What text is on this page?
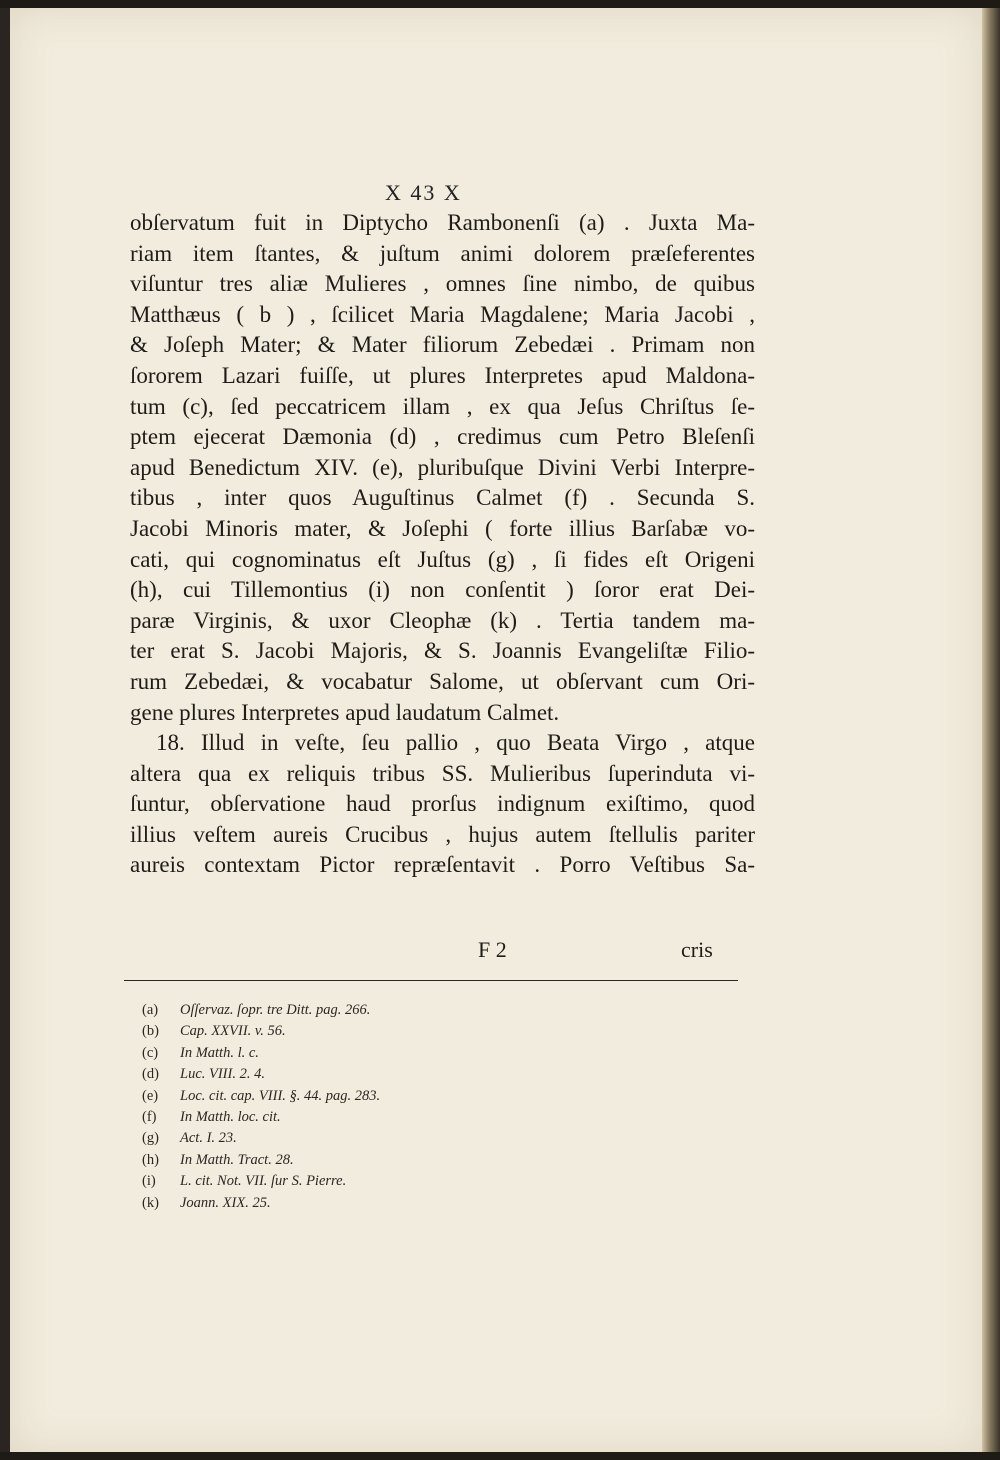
X 43 X
obſervatum fuit in Diptycho Rambonenſi (a) . Juxta Ma-
riam item ſtantes, & juſtum animi dolorem præſeferentes
viſuntur tres aliæ Mulieres , omnes ſine nimbo, de quibus
Matthæus ( b ) , ſcilicet Maria Magdalene; Maria Jacobi ,
& Joſeph Mater; & Mater filiorum Zebedæi . Primam non
ſororem Lazari fuiſſe, ut plures Interpretes apud Maldona-
tum (c), ſed peccatricem illam , ex qua Jeſus Chriſtus ſe-
ptem ejecerat Dæmonia (d) , credimus cum Petro Bleſenſi
apud Benedictum XIV. (e), pluribuſque Divini Verbi Interpre-
tibus , inter quos Auguſtinus Calmet (f) . Secunda S.
Jacobi Minoris mater, & Joſephi ( forte illius Barſabæ vo-
cati, qui cognominatus eſt Juſtus (g) , ſi fides eſt Origeni
(h), cui Tillemontius (i) non conſentit ) ſoror erat Dei-
paræ Virginis, & uxor Cleophæ (k) . Tertia tandem ma-
ter erat S. Jacobi Majoris, & S. Joannis Evangeliſtæ Filio-
rum Zebedæi, & vocabatur Salome, ut obſervant cum Ori-
gene plures Interpretes apud laudatum Calmet.
18. Illud in veſte, ſeu pallio , quo Beata Virgo , atque
altera qua ex reliquis tribus SS. Mulieribus ſuperinduta vi-
ſuntur, obſervatione haud prorſus indignum exiſtimo, quod
illius veſtem aureis Crucibus , hujus autem ſtellulis pariter
aureis contextam Pictor repræſentavit . Porro Veſtibus Sa-
F 2	cris
(a) Oſſervaz. ſopr. tre Ditt. pag. 266.
(b) Cap. XXVII. v. 56.
(c) In Matth. l. c.
(d) Luc. VIII. 2. 4.
(e) Loc. cit. cap. VIII. §. 44. pag. 283.
(f) In Matth. loc. cit.
(g) Act. I. 23.
(h) In Matth. Tract. 28.
(i) L. cit. Not. VII. ſur S. Pierre.
(k) Joann. XIX. 25.
